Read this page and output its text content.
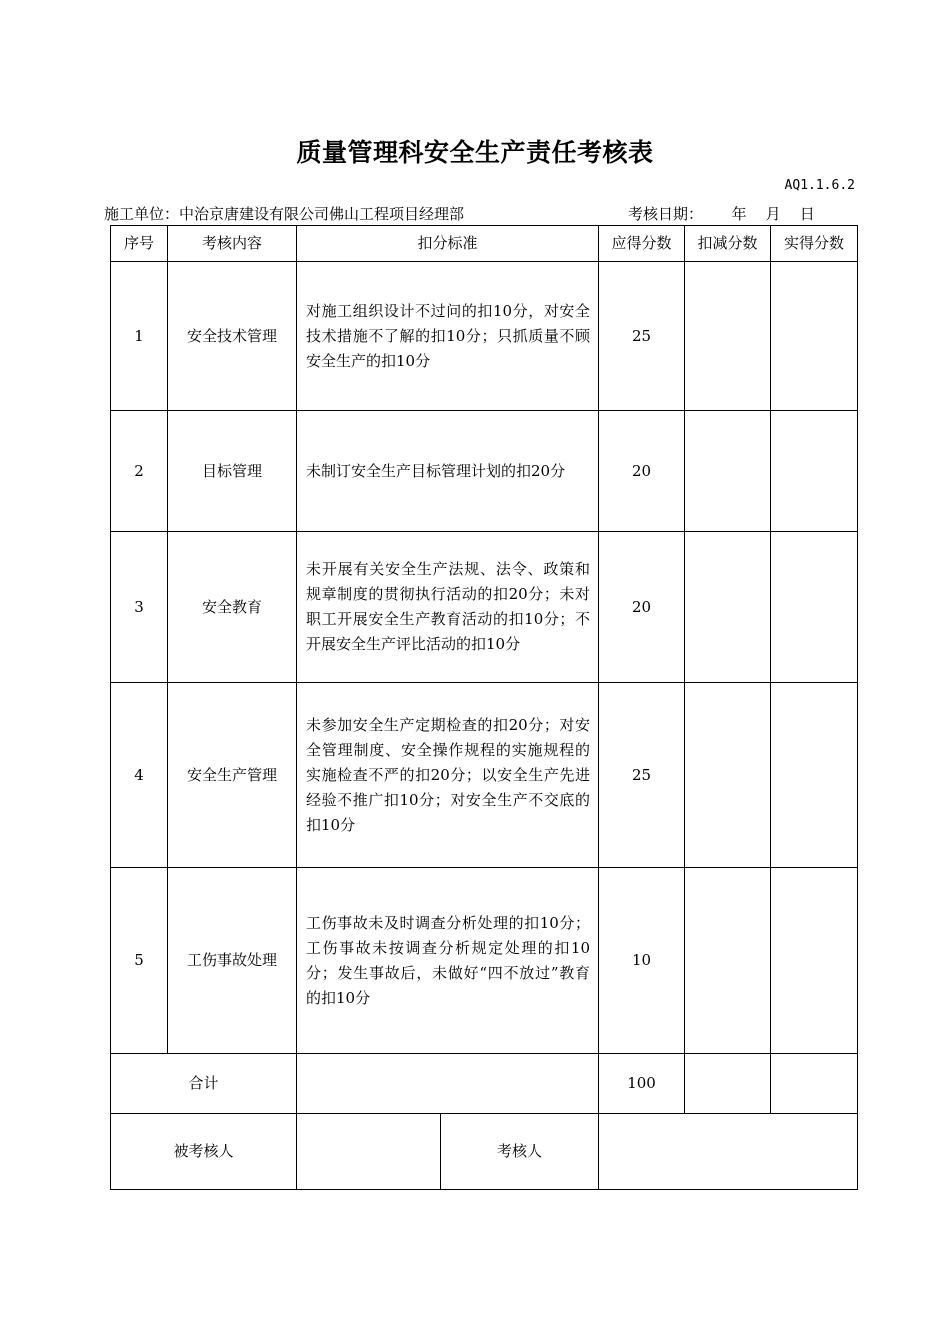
质量管理科安全生产责任考核表
AQ1.1.6.2
施工单位：中治京唐建设有限公司佛山工程项目经理部	考核日期：      年    月    日
序号	考核内容	扣分标准		应得分数	扣减分数	实得分数
1	安全技术管理	对施工组织设计不过问的扣10分，对安全技术措施不了解的扣10分；只抓质量不顾安全生产的扣10分		25		
2	目标管理	未制订安全生产目标管理计划的扣20分		20		
3	安全教育	未开展有关安全生产法规、法令、政策和规章制度的贯彻执行活动的扣20分；未对职工开展安全生产教育活动的扣10分；不开展安全生产评比活动的扣10分		20		
4	安全生产管理	未参加安全生产定期检查的扣20分；对安全管理制度、安全操作规程的实施规程的实施检查不严的扣20分；以安全生产先进经验不推广扣10分；对安全生产不交底的扣10分		25		
5	工伤事故处理	工伤事故未及时调查分析处理的扣10分；工伤事故未按调查分析规定处理的扣10分；发生事故后，未做好“四不放过”教育的扣10分		10		
合计				100		
被考核人			考核人			
